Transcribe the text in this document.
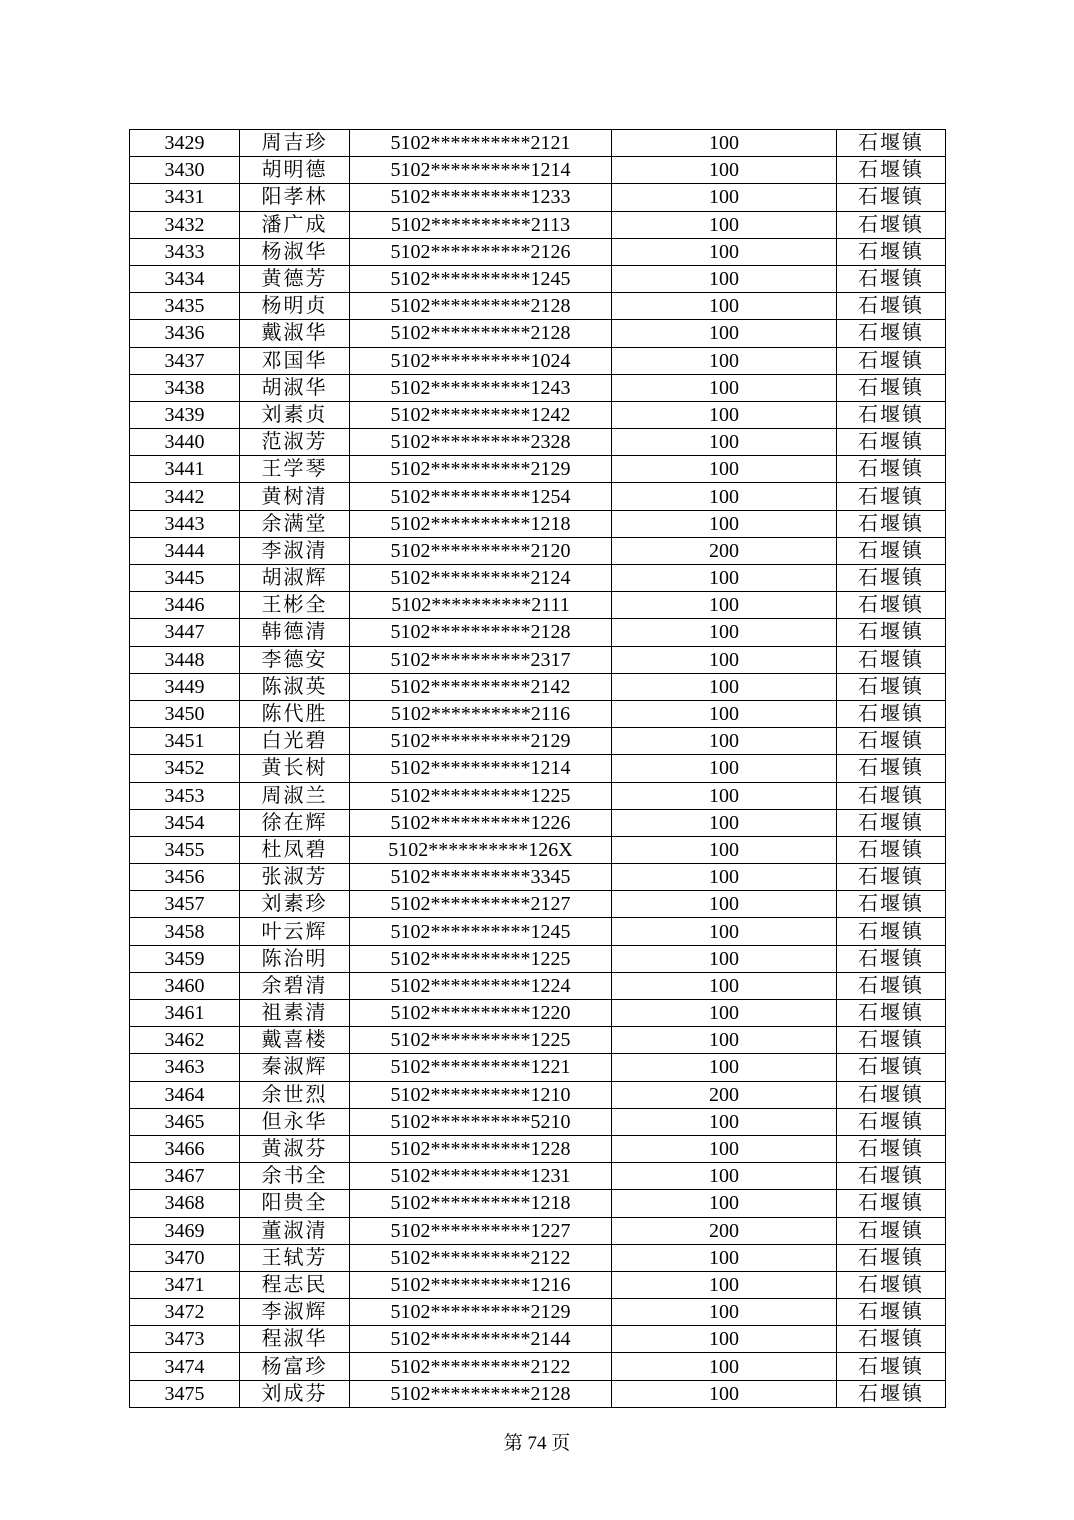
3429	周吉珍	5102**********2121	100	石堰镇
3430	胡明德	5102**********1214	100	石堰镇
3431	阳孝林	5102**********1233	100	石堰镇
3432	潘广成	5102**********2113	100	石堰镇
3433	杨淑华	5102**********2126	100	石堰镇
3434	黄德芳	5102**********1245	100	石堰镇
3435	杨明贞	5102**********2128	100	石堰镇
3436	戴淑华	5102**********2128	100	石堰镇
3437	邓国华	5102**********1024	100	石堰镇
3438	胡淑华	5102**********1243	100	石堰镇
3439	刘素贞	5102**********1242	100	石堰镇
3440	范淑芳	5102**********2328	100	石堰镇
3441	王学琴	5102**********2129	100	石堰镇
3442	黄树清	5102**********1254	100	石堰镇
3443	余满堂	5102**********1218	100	石堰镇
3444	李淑清	5102**********2120	200	石堰镇
3445	胡淑辉	5102**********2124	100	石堰镇
3446	王彬全	5102**********2111	100	石堰镇
3447	韩德清	5102**********2128	100	石堰镇
3448	李德安	5102**********2317	100	石堰镇
3449	陈淑英	5102**********2142	100	石堰镇
3450	陈代胜	5102**********2116	100	石堰镇
3451	白光碧	5102**********2129	100	石堰镇
3452	黄长树	5102**********1214	100	石堰镇
3453	周淑兰	5102**********1225	100	石堰镇
3454	徐在辉	5102**********1226	100	石堰镇
3455	杜凤碧	5102**********126X	100	石堰镇
3456	张淑芳	5102**********3345	100	石堰镇
3457	刘素珍	5102**********2127	100	石堰镇
3458	叶云辉	5102**********1245	100	石堰镇
3459	陈治明	5102**********1225	100	石堰镇
3460	余碧清	5102**********1224	100	石堰镇
3461	祖素清	5102**********1220	100	石堰镇
3462	戴喜楼	5102**********1225	100	石堰镇
3463	秦淑辉	5102**********1221	100	石堰镇
3464	余世烈	5102**********1210	200	石堰镇
3465	但永华	5102**********5210	100	石堰镇
3466	黄淑芬	5102**********1228	100	石堰镇
3467	余书全	5102**********1231	100	石堰镇
3468	阳贵全	5102**********1218	100	石堰镇
3469	董淑清	5102**********1227	200	石堰镇
3470	王轼芳	5102**********2122	100	石堰镇
3471	程志民	5102**********1216	100	石堰镇
3472	李淑辉	5102**********2129	100	石堰镇
3473	程淑华	5102**********2144	100	石堰镇
3474	杨富珍	5102**********2122	100	石堰镇
3475	刘成芬	5102**********2128	100	石堰镇
第 74 页
